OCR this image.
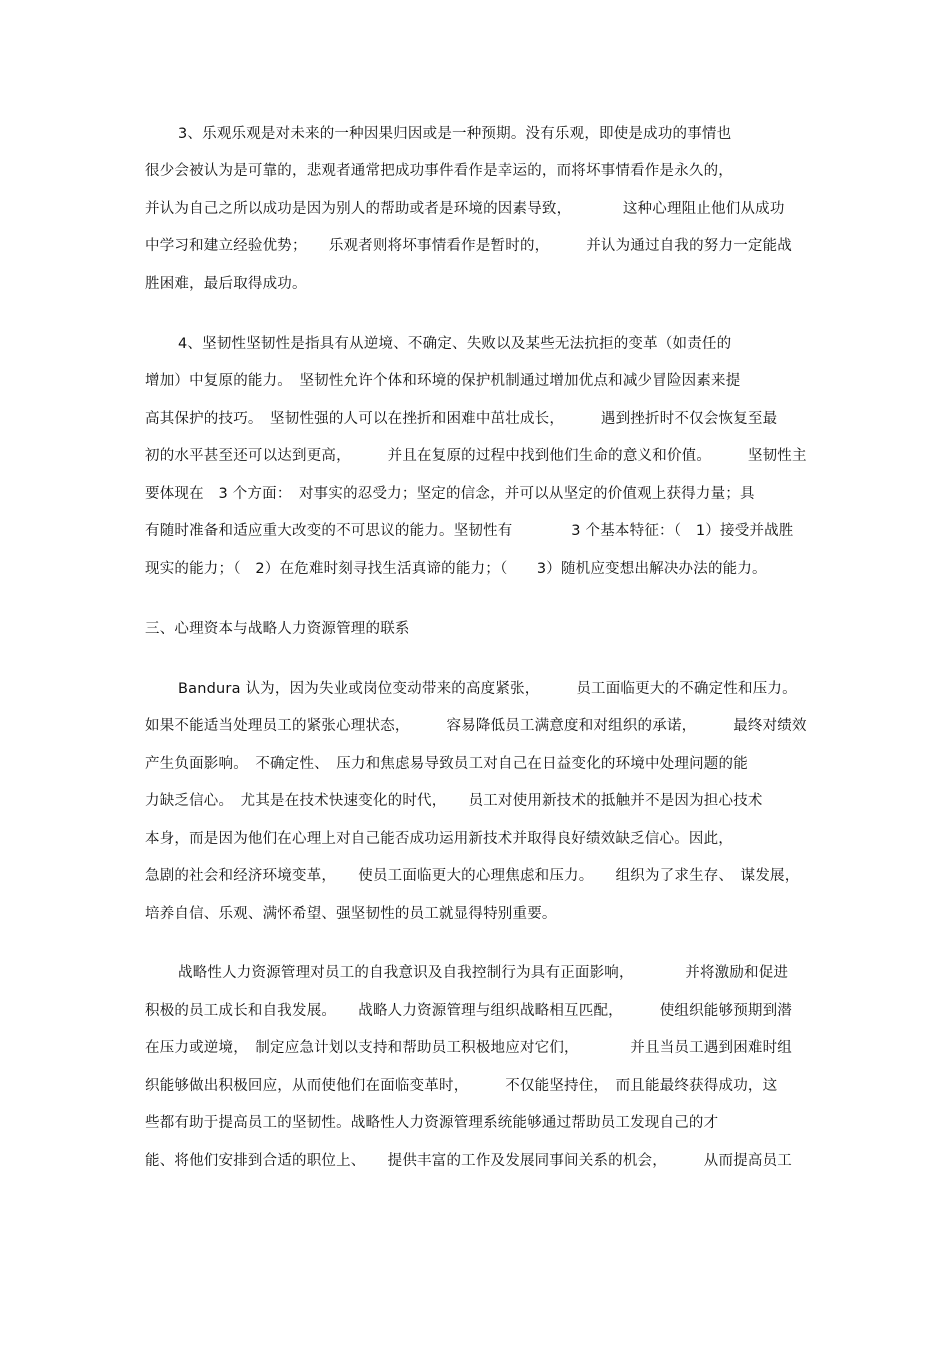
3、乐观乐观是对未来的一种因果归因或是一种预期。没有乐观，即使是成功的事情也
很少会被认为是可靠的，悲观者通常把成功事件看作是幸运的，而将坏事情看作是永久的，
并认为自己之所以成功是因为别人的帮助或者是环境的因素导致，　　　　这种心理阻止他们从成功
中学习和建立经验优势；　　乐观者则将坏事情看作是暂时的，　　　并认为通过自我的努力一定能战
胜困难，最后取得成功。
4、坚韧性坚韧性是指具有从逆境、不确定、失败以及某些无法抗拒的变革（如责任的
增加）中复原的能力。　坚韧性允许个体和环境的保护机制通过增加优点和减少冒险因素来提
高其保护的技巧。　坚韧性强的人可以在挫折和困难中茁壮成长，　　　遇到挫折时不仅会恢复至最
初的水平甚至还可以达到更高，　　　并且在复原的过程中找到他们生命的意义和价值。　　　坚韧性主
要体现在　3 个方面：　对事实的忍受力；坚定的信念，并可以从坚定的价值观上获得力量；具
有随时准备和适应重大改变的不可思议的能力。坚韧性有　　　　3 个基本特征：（　1）接受并战胜
现实的能力；（　2）在危难时刻寻找生活真谛的能力；（　　3）随机应变想出解决办法的能力。
三、心理资本与战略人力资源管理的联系
Bandura 认为，因为失业或岗位变动带来的高度紧张，　　　员工面临更大的不确定性和压力。
如果不能适当处理员工的紧张心理状态，　　　容易降低员工满意度和对组织的承诺，　　　最终对绩效
产生负面影响。　不确定性、　压力和焦虑易导致员工对自己在日益变化的环境中处理问题的能
力缺乏信心。　尤其是在技术快速变化的时代，　　员工对使用新技术的抵触并不是因为担心技术
本身，而是因为他们在心理上对自己能否成功运用新技术并取得良好绩效缺乏信心。因此，
急剧的社会和经济环境变革，　　使员工面临更大的心理焦虑和压力。　　组织为了求生存、　谋发展，
培养自信、乐观、满怀希望、强坚韧性的员工就显得特别重要。
战略性人力资源管理对员工的自我意识及自我控制行为具有正面影响，　　　　并将激励和促进
积极的员工成长和自我发展。　　战略人力资源管理与组织战略相互匹配，　　　使组织能够预期到潜
在压力或逆境，　制定应急计划以支持和帮助员工积极地应对它们，　　　　并且当员工遇到困难时组
织能够做出积极回应，从而使他们在面临变革时，　　　不仅能坚持住，　而且能最终获得成功，这
些都有助于提高员工的坚韧性。战略性人力资源管理系统能够通过帮助员工发现自己的才
能、将他们安排到合适的职位上、　　提供丰富的工作及发展同事间关系的机会，　　　从而提高员工
